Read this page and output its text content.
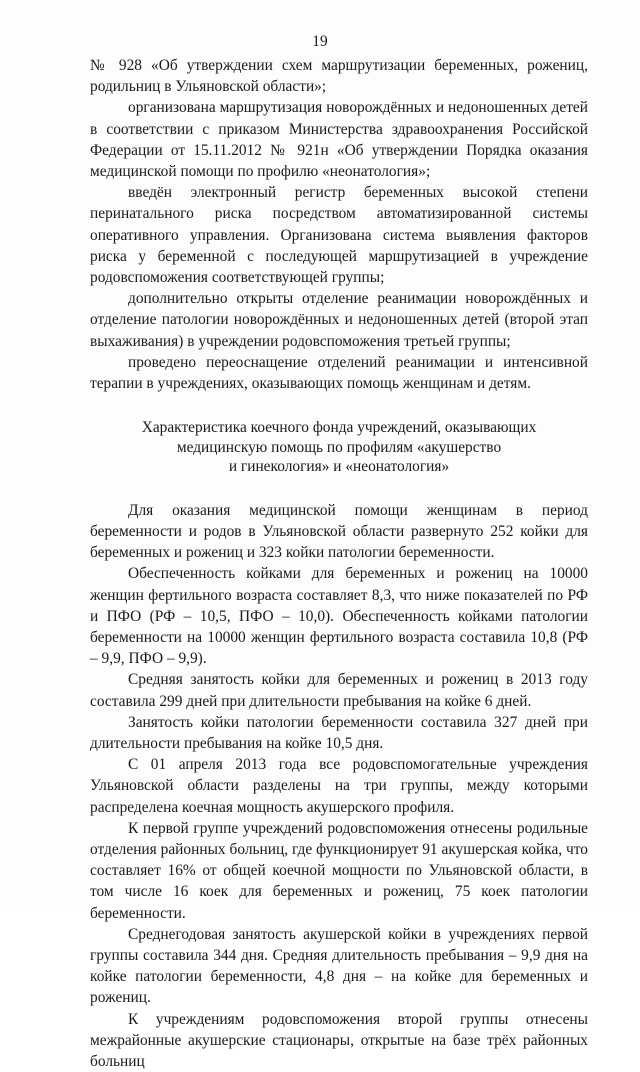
19

№ 928 «Об утверждении схем маршрутизации беременных, рожениц, родильниц в Ульяновской области»;

организована маршрутизация новорождённых и недоношенных детей в соответствии с приказом Министерства здравоохранения Российской Федерации от 15.11.2012 № 921н «Об утверждении Порядка оказания медицинской помощи по профилю «неонатология»;

введён электронный регистр беременных высокой степени перинатального риска посредством автоматизированной системы оперативного управления. Организована система выявления факторов риска у беременной с последующей маршрутизацией в учреждение родовспоможения соответствующей группы;

дополнительно открыты отделение реанимации новорождённых и отделение патологии новорождённых и недоношенных детей (второй этап выхаживания) в учреждении родовспоможения третьей группы;

проведено переоснащение отделений реанимации и интенсивной терапии в учреждениях, оказывающих помощь женщинам и детям.

Характеристика коечного фонда учреждений, оказывающих
медицинскую помощь по профилям «акушерство
и гинекология» и «неонатология»

Для оказания медицинской помощи женщинам в период беременности и родов в Ульяновской области развернуто 252 койки для беременных и рожениц и 323 койки патологии беременности.

Обеспеченность койками для беременных и рожениц на 10000 женщин фертильного возраста составляет 8,3, что ниже показателей по РФ и ПФО (РФ – 10,5, ПФО – 10,0). Обеспеченность койками патологии беременности на 10000 женщин фертильного возраста составила 10,8 (РФ – 9,9, ПФО – 9,9).

Средняя занятость койки для беременных и рожениц в 2013 году составила 299 дней при длительности пребывания на койке 6 дней.

Занятость койки патологии беременности составила 327 дней при длительности пребывания на койке 10,5 дня.

С 01 апреля 2013 года все родовспомогательные учреждения Ульяновской области разделены на три группы, между которыми распределена коечная мощность акушерского профиля.

К первой группе учреждений родовспоможения отнесены родильные отделения районных больниц, где функционирует 91 акушерская койка, что составляет 16% от общей коечной мощности по Ульяновской области, в том числе 16 коек для беременных и рожениц, 75 коек патологии беременности.

Среднегодовая занятость акушерской койки в учреждениях первой группы составила 344 дня. Средняя длительность пребывания – 9,9 дня на койке патологии беременности, 4,8 дня – на койке для беременных и рожениц.

К учреждениям родовспоможения второй группы отнесены межрайонные акушерские стационары, открытые на базе трёх районных больниц
